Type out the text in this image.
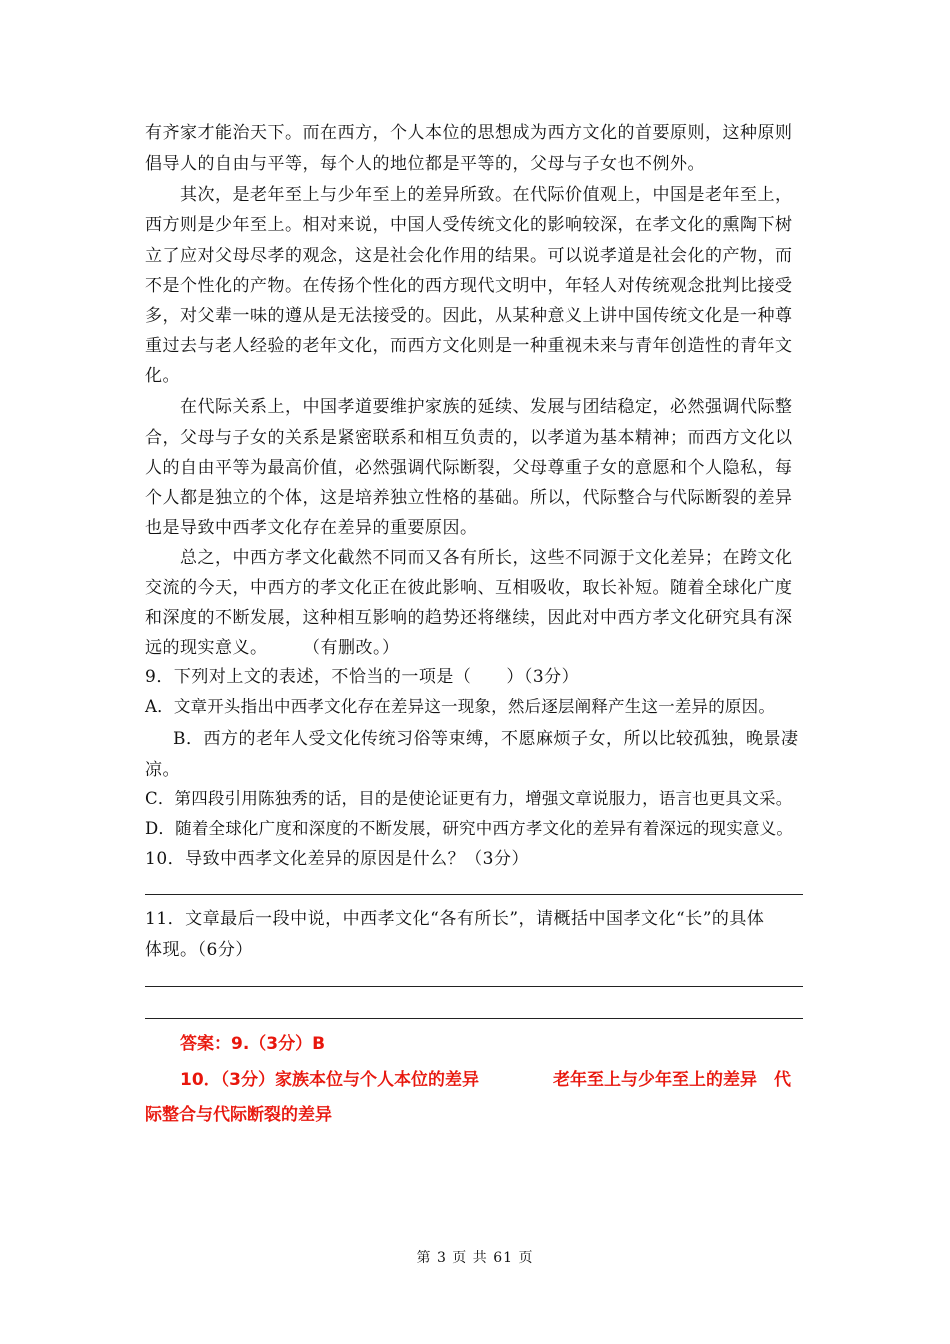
有齐家才能治天下。而在西方，个人本位的思想成为西方文化的首要原则，这种原则
倡导人的自由与平等，每个人的地位都是平等的，父母与子女也不例外。
其次，是老年至上与少年至上的差异所致。在代际价值观上，中国是老年至上，
西方则是少年至上。相对来说，中国人受传统文化的影响较深，在孝文化的熏陶下树
立了应对父母尽孝的观念，这是社会化作用的结果。可以说孝道是社会化的产物，而
不是个性化的产物。在传扬个性化的西方现代文明中，年轻人对传统观念批判比接受
多，对父辈一味的遵从是无法接受的。因此，从某种意义上讲中国传统文化是一种尊
重过去与老人经验的老年文化，而西方文化则是一种重视未来与青年创造性的青年文
化。
在代际关系上，中国孝道要维护家族的延续、发展与团结稳定，必然强调代际整
合，父母与子女的关系是紧密联系和相互负责的，以孝道为基本精神；而西方文化以
人的自由平等为最高价值，必然强调代际断裂，父母尊重子女的意愿和个人隐私，每
个人都是独立的个体，这是培养独立性格的基础。所以，代际整合与代际断裂的差异
也是导致中西孝文化存在差异的重要原因。
总之，中西方孝文化截然不同而又各有所长，这些不同源于文化差异；在跨文化
交流的今天，中西方的孝文化正在彼此影响、互相吸收，取长补短。随着全球化广度
和深度的不断发展，这种相互影响的趋势还将继续，因此对中西方孝文化研究具有深
远的现实意义。　　　（有删改。）
9．下列对上文的表述，不恰当的一项是（　　）（3分）
A．文章开头指出中西孝文化存在差异这一现象，然后逐层阐释产生这一差异的原因。
B．西方的老年人受文化传统习俗等束缚，不愿麻烦子女，所以比较孤独，晚景凄
凉。
C．第四段引用陈独秀的话，目的是使论证更有力，增强文章说服力，语言也更具文采。
D．随着全球化广度和深度的不断发展，研究中西方孝文化的差异有着深远的现实意义。
10．导致中西孝文化差异的原因是什么？（3分）
11．文章最后一段中说，中西孝文化“各有所长”，请概括中国孝文化“长”的具体
体现。（6分）
答案：9.（3分）B
10．（3分）家族本位与个人本位的差异	老年至上与少年至上的差异　代
际整合与代际断裂的差异
第 3 页 共 61 页
